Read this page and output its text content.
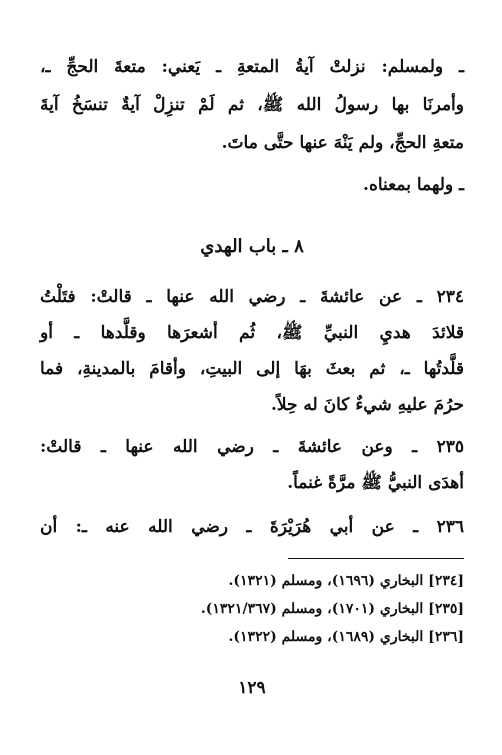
ـ ولمسلم: نزلتْ آيةُ المتعةِ ـ يَعني: متعةَ الحجِّ ـ،
وأمرنَا بها رسولُ الله ﷺ، ثم لَمْ تنزِلْ آيةٌ تنسَخُ آيةَ
متعةِ الحجِّ، ولم يَنْهَ عنها حتَّى ماتَ.
ـ ولهما بمعناه.
٨ ـ باب الهدي
٢٣٤ ـ عن عائشةَ ـ رضي الله عنها ـ قالتْ: فتَلْتُ
قلائدَ هديِ النبيِّ ﷺ، ثُم أشعرَها وقلَّدها ـ أو
قلَّدتُها ـ، ثم بعثَ بهَا إلى البيتِ، وأقامَ بالمدينةِ، فما
حرُمَ عليهِ شيءٌ كانَ له حِلاً.
٢٣٥ ـ وعن عائشةَ ـ رضي الله عنها ـ قالتْ:
أهدَى النبيُّ ﷺ مرَّةً غنماً.
٢٣٦ ـ عن أبي هُرَيْرَةَ ـ رضي الله عنه ـ: أن
[٢٣٤] البخاري (١٦٩٦)، ومسلم (١٣٢١).
[٢٣٥] البخاري (١٧٠١)، ومسلم (١٣٢١/٣٦٧).
[٢٣٦] البخاري (١٦٨٩)، ومسلم (١٣٢٢).
١٢٩
